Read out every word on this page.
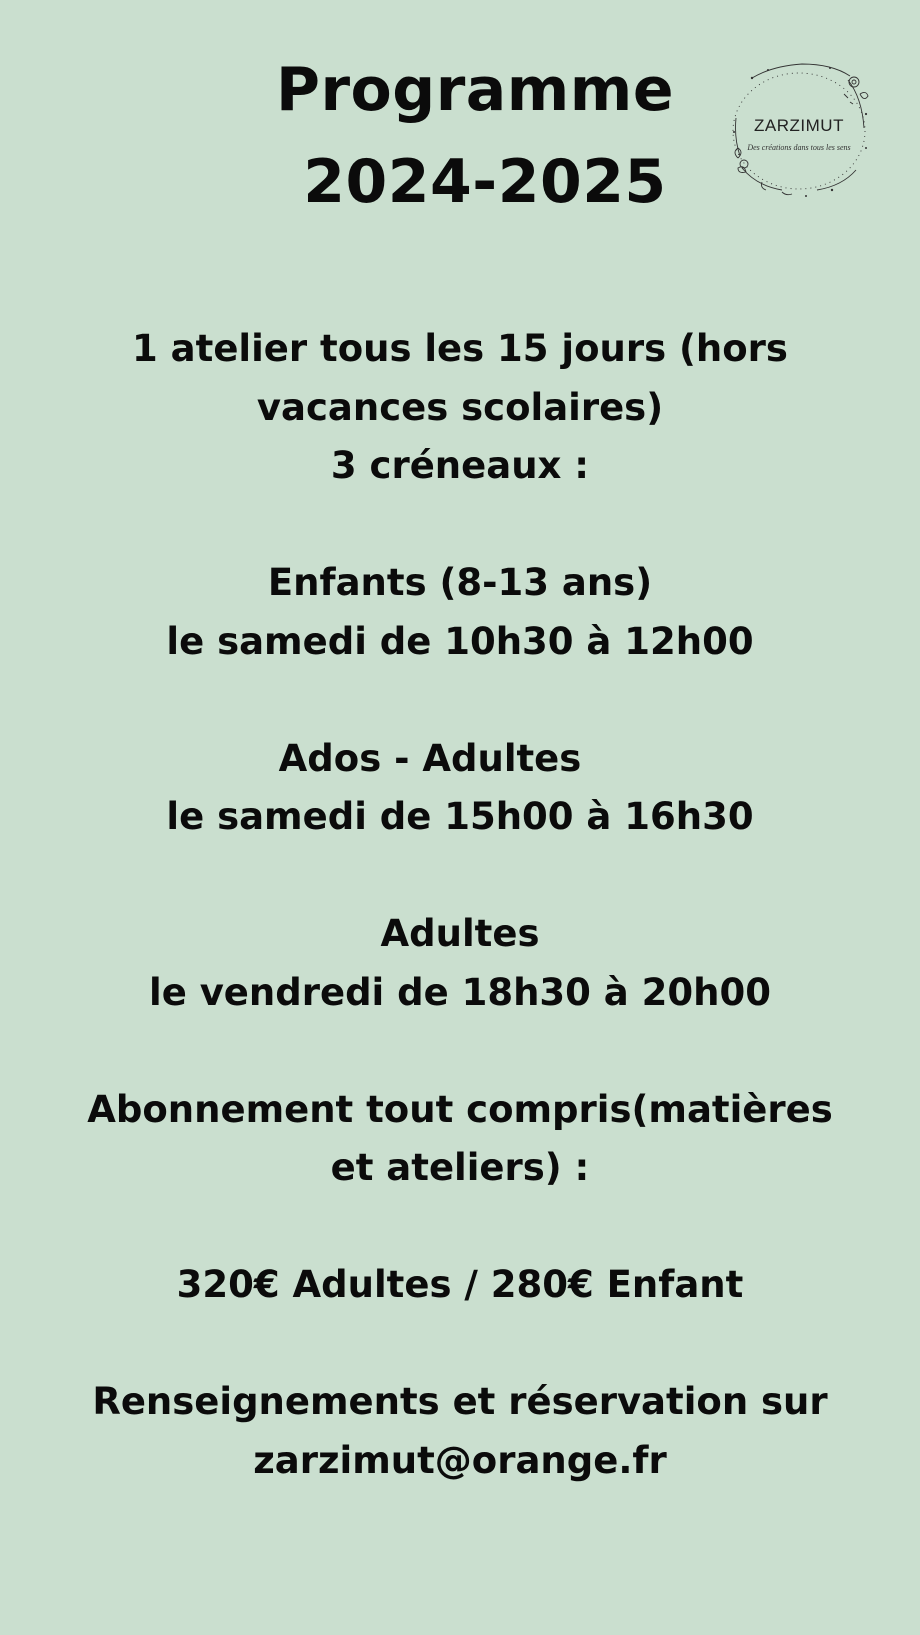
Programme
2024-2025
ZARZIMUT
Des créations dans tous les sens
1 atelier tous les 15 jours (hors
vacances scolaires)
3 créneaux :
Enfants (8-13 ans)
le samedi de 10h30 à 12h00
Ados - Adultes
le samedi de 15h00 à 16h30
Adultes
le vendredi de 18h30 à 20h00
Abonnement tout compris(matières
et ateliers) :
320€ Adultes / 280€ Enfant
Renseignements et réservation sur
zarzimut@orange.fr
